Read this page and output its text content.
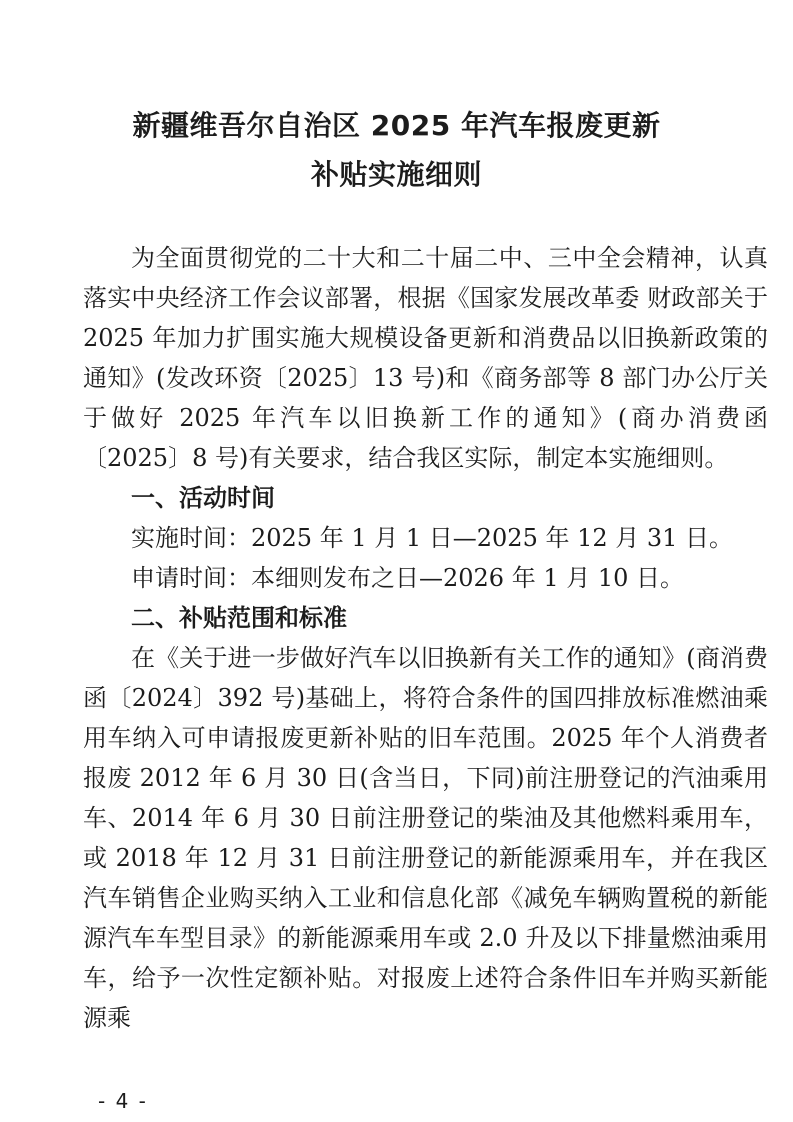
新疆维吾尔自治区 2025 年汽车报废更新
补贴实施细则

为全面贯彻党的二十大和二十届二中、三中全会精神，认真落实中央经济工作会议部署，根据《国家发展改革委 财政部关于 2025 年加力扩围实施大规模设备更新和消费品以旧换新政策的通知》(发改环资〔2025〕13 号)和《商务部等 8 部门办公厅关于做好 2025 年汽车以旧换新工作的通知》(商办消费函〔2025〕8 号)有关要求，结合我区实际，制定本实施细则。

一、活动时间

实施时间：2025 年 1 月 1 日—2025 年 12 月 31 日。

申请时间：本细则发布之日—2026 年 1 月 10 日。

二、补贴范围和标准

在《关于进一步做好汽车以旧换新有关工作的通知》(商消费函〔2024〕392 号)基础上，将符合条件的国四排放标准燃油乘用车纳入可申请报废更新补贴的旧车范围。2025 年个人消费者报废 2012 年 6 月 30 日(含当日，下同)前注册登记的汽油乘用车、2014 年 6 月 30 日前注册登记的柴油及其他燃料乘用车，或 2018 年 12 月 31 日前注册登记的新能源乘用车，并在我区汽车销售企业购买纳入工业和信息化部《减免车辆购置税的新能源汽车车型目录》的新能源乘用车或 2.0 升及以下排量燃油乘用车，给予一次性定额补贴。对报废上述符合条件旧车并购买新能源乘

- 4 -
